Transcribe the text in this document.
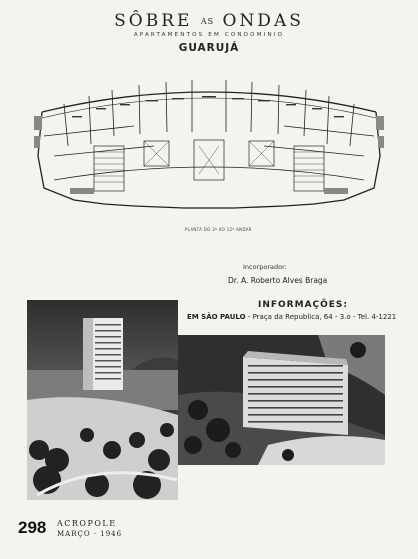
SÔBRE AS ONDAS
APARTAMENTOS EM CONDOMINIO
GUARUJÁ
PLANTA DO 3º AO 12º ANDAR
Incorporador:
Dr. A. Roberto Alves Braga
INFORMAÇÕES:
EM SÃO PAULO - Praça da Republica, 64 - 3.o - Tel. 4-1221
298 ACROPOLE
MARÇO · 1946
